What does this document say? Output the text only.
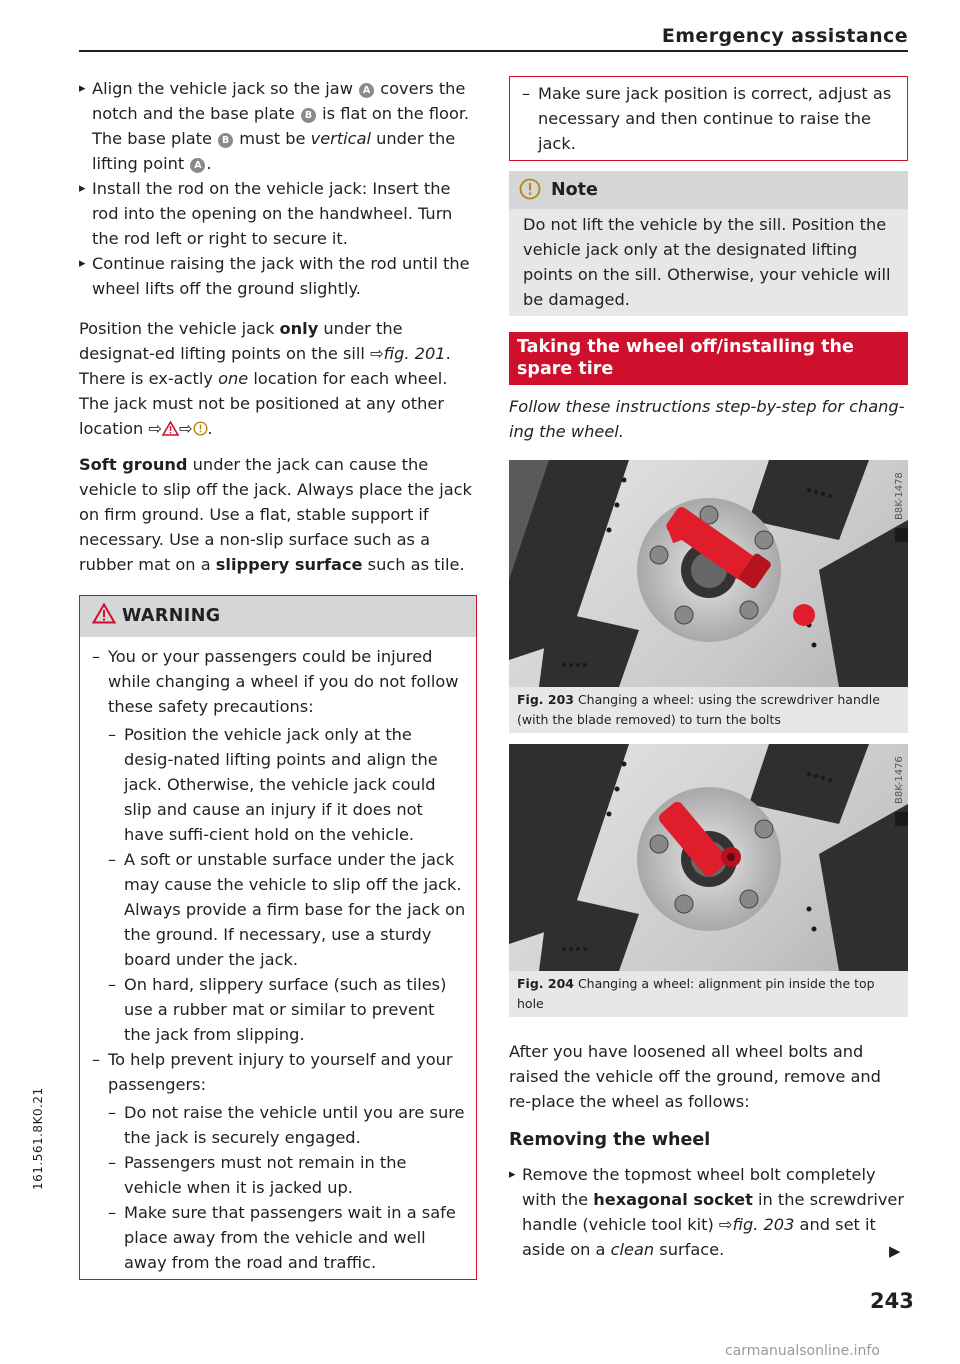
Emergency assistance

▸ Align the vehicle jack so the jaw A covers the notch and the base plate B is flat on the floor. The base plate B must be vertical under the lifting point A .

▸ Install the rod on the vehicle jack: Insert the rod into the opening on the handwheel. Turn the rod left or right to secure it.

▸ Continue raising the jack with the rod until the wheel lifts off the ground slightly.

Position the vehicle jack only under the designat-ed lifting points on the sill ⇨fig. 201. There is ex-actly one location for each wheel. The jack must not be positioned at any other location ⇨ ⇨ .

Soft ground under the jack can cause the vehicle to slip off the jack. Always place the jack on firm ground. Use a flat, stable support if necessary. Use a non-slip surface such as a rubber mat on a slippery surface such as tile.

WARNING

– You or your passengers could be injured while changing a wheel if you do not follow these safety precautions:

– Position the vehicle jack only at the desig-nated lifting points and align the jack. Otherwise, the vehicle jack could slip and cause an injury if it does not have suffi-cient hold on the vehicle.

– A soft or unstable surface under the jack may cause the vehicle to slip off the jack. Always provide a firm base for the jack on the ground. If necessary, use a sturdy board under the jack.

– On hard, slippery surface (such as tiles) use a rubber mat or similar to prevent the jack from slipping.

– To help prevent injury to yourself and your passengers:

– Do not raise the vehicle until you are sure the jack is securely engaged.

– Passengers must not remain in the vehicle when it is jacked up.

– Make sure that passengers wait in a safe place away from the vehicle and well away from the road and traffic.

– Make sure jack position is correct, adjust as necessary and then continue to raise the jack.

Note

Do not lift the vehicle by the sill. Position the vehicle jack only at the designated lifting points on the sill. Otherwise, your vehicle will be damaged.

Taking the wheel off/installing the spare tire

Follow these instructions step-by-step for chang-ing the wheel.

B8K-1478
Fig. 203 Changing a wheel: using the screwdriver handle (with the blade removed) to turn the bolts
B8K-1476
Fig. 204 Changing a wheel: alignment pin inside the top hole

After you have loosened all wheel bolts and raised the vehicle off the ground, remove and re-place the wheel as follows:

Removing the wheel

▸ Remove the topmost wheel bolt completely with the hexagonal socket in the screwdriver handle (vehicle tool kit) ⇨fig. 203 and set it aside on a clean surface.	▶
243
161.561.8K0.21
carmanualsonline.info
